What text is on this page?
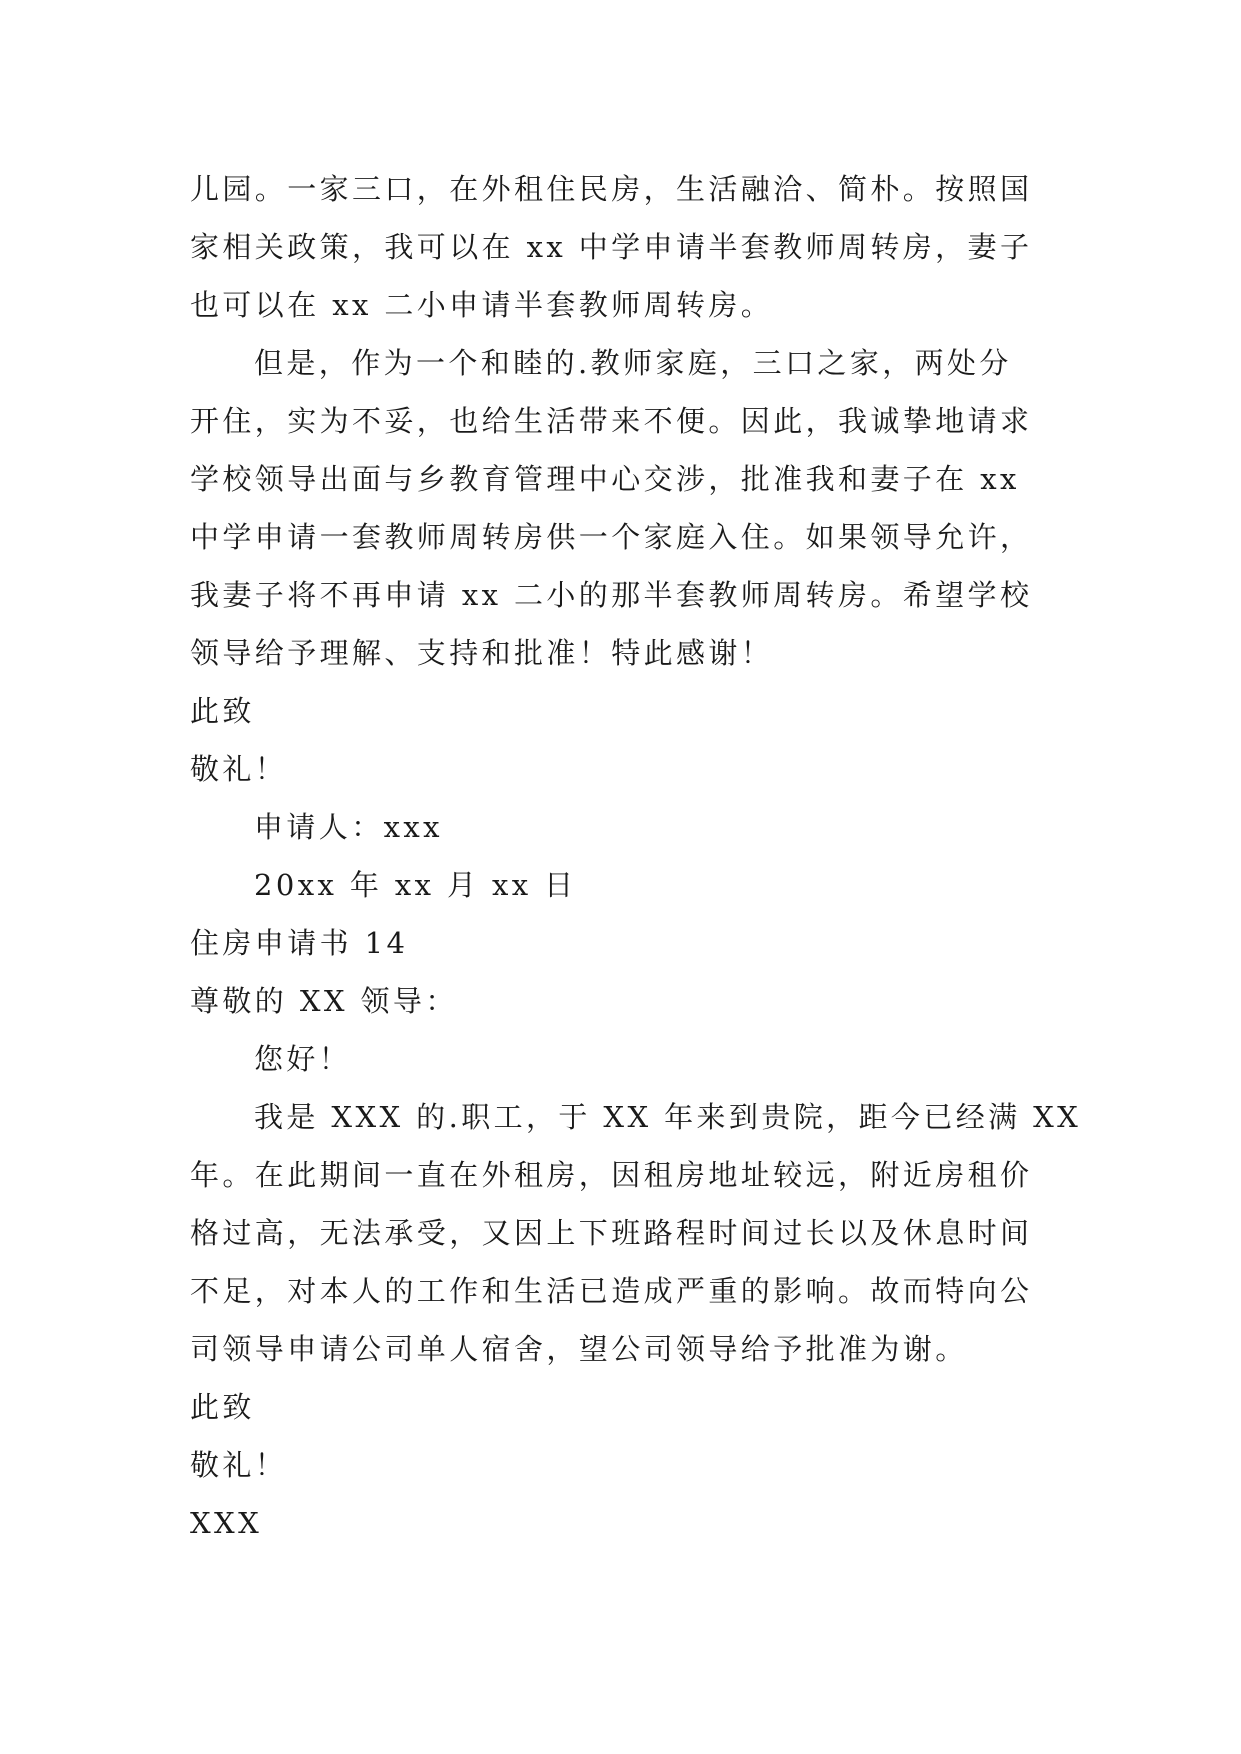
儿园。一家三口，在外租住民房，生活融洽、简朴。按照国
家相关政策，我可以在 xx 中学申请半套教师周转房，妻子
也可以在 xx 二小申请半套教师周转房。
但是，作为一个和睦的.教师家庭，三口之家，两处分
开住，实为不妥，也给生活带来不便。因此，我诚挚地请求
学校领导出面与乡教育管理中心交涉，批准我和妻子在 xx
中学申请一套教师周转房供一个家庭入住。如果领导允许，
我妻子将不再申请 xx 二小的那半套教师周转房。希望学校
领导给予理解、支持和批准！特此感谢！
此致
敬礼！
申请人：xxx
20xx 年 xx 月 xx 日
住房申请书 14
尊敬的 XX 领导：
您好！
我是 XXX 的.职工，于 XX 年来到贵院，距今已经满 XX
年。在此期间一直在外租房，因租房地址较远，附近房租价
格过高，无法承受，又因上下班路程时间过长以及休息时间
不足，对本人的工作和生活已造成严重的影响。故而特向公
司领导申请公司单人宿舍，望公司领导给予批准为谢。
此致
敬礼！
XXX
